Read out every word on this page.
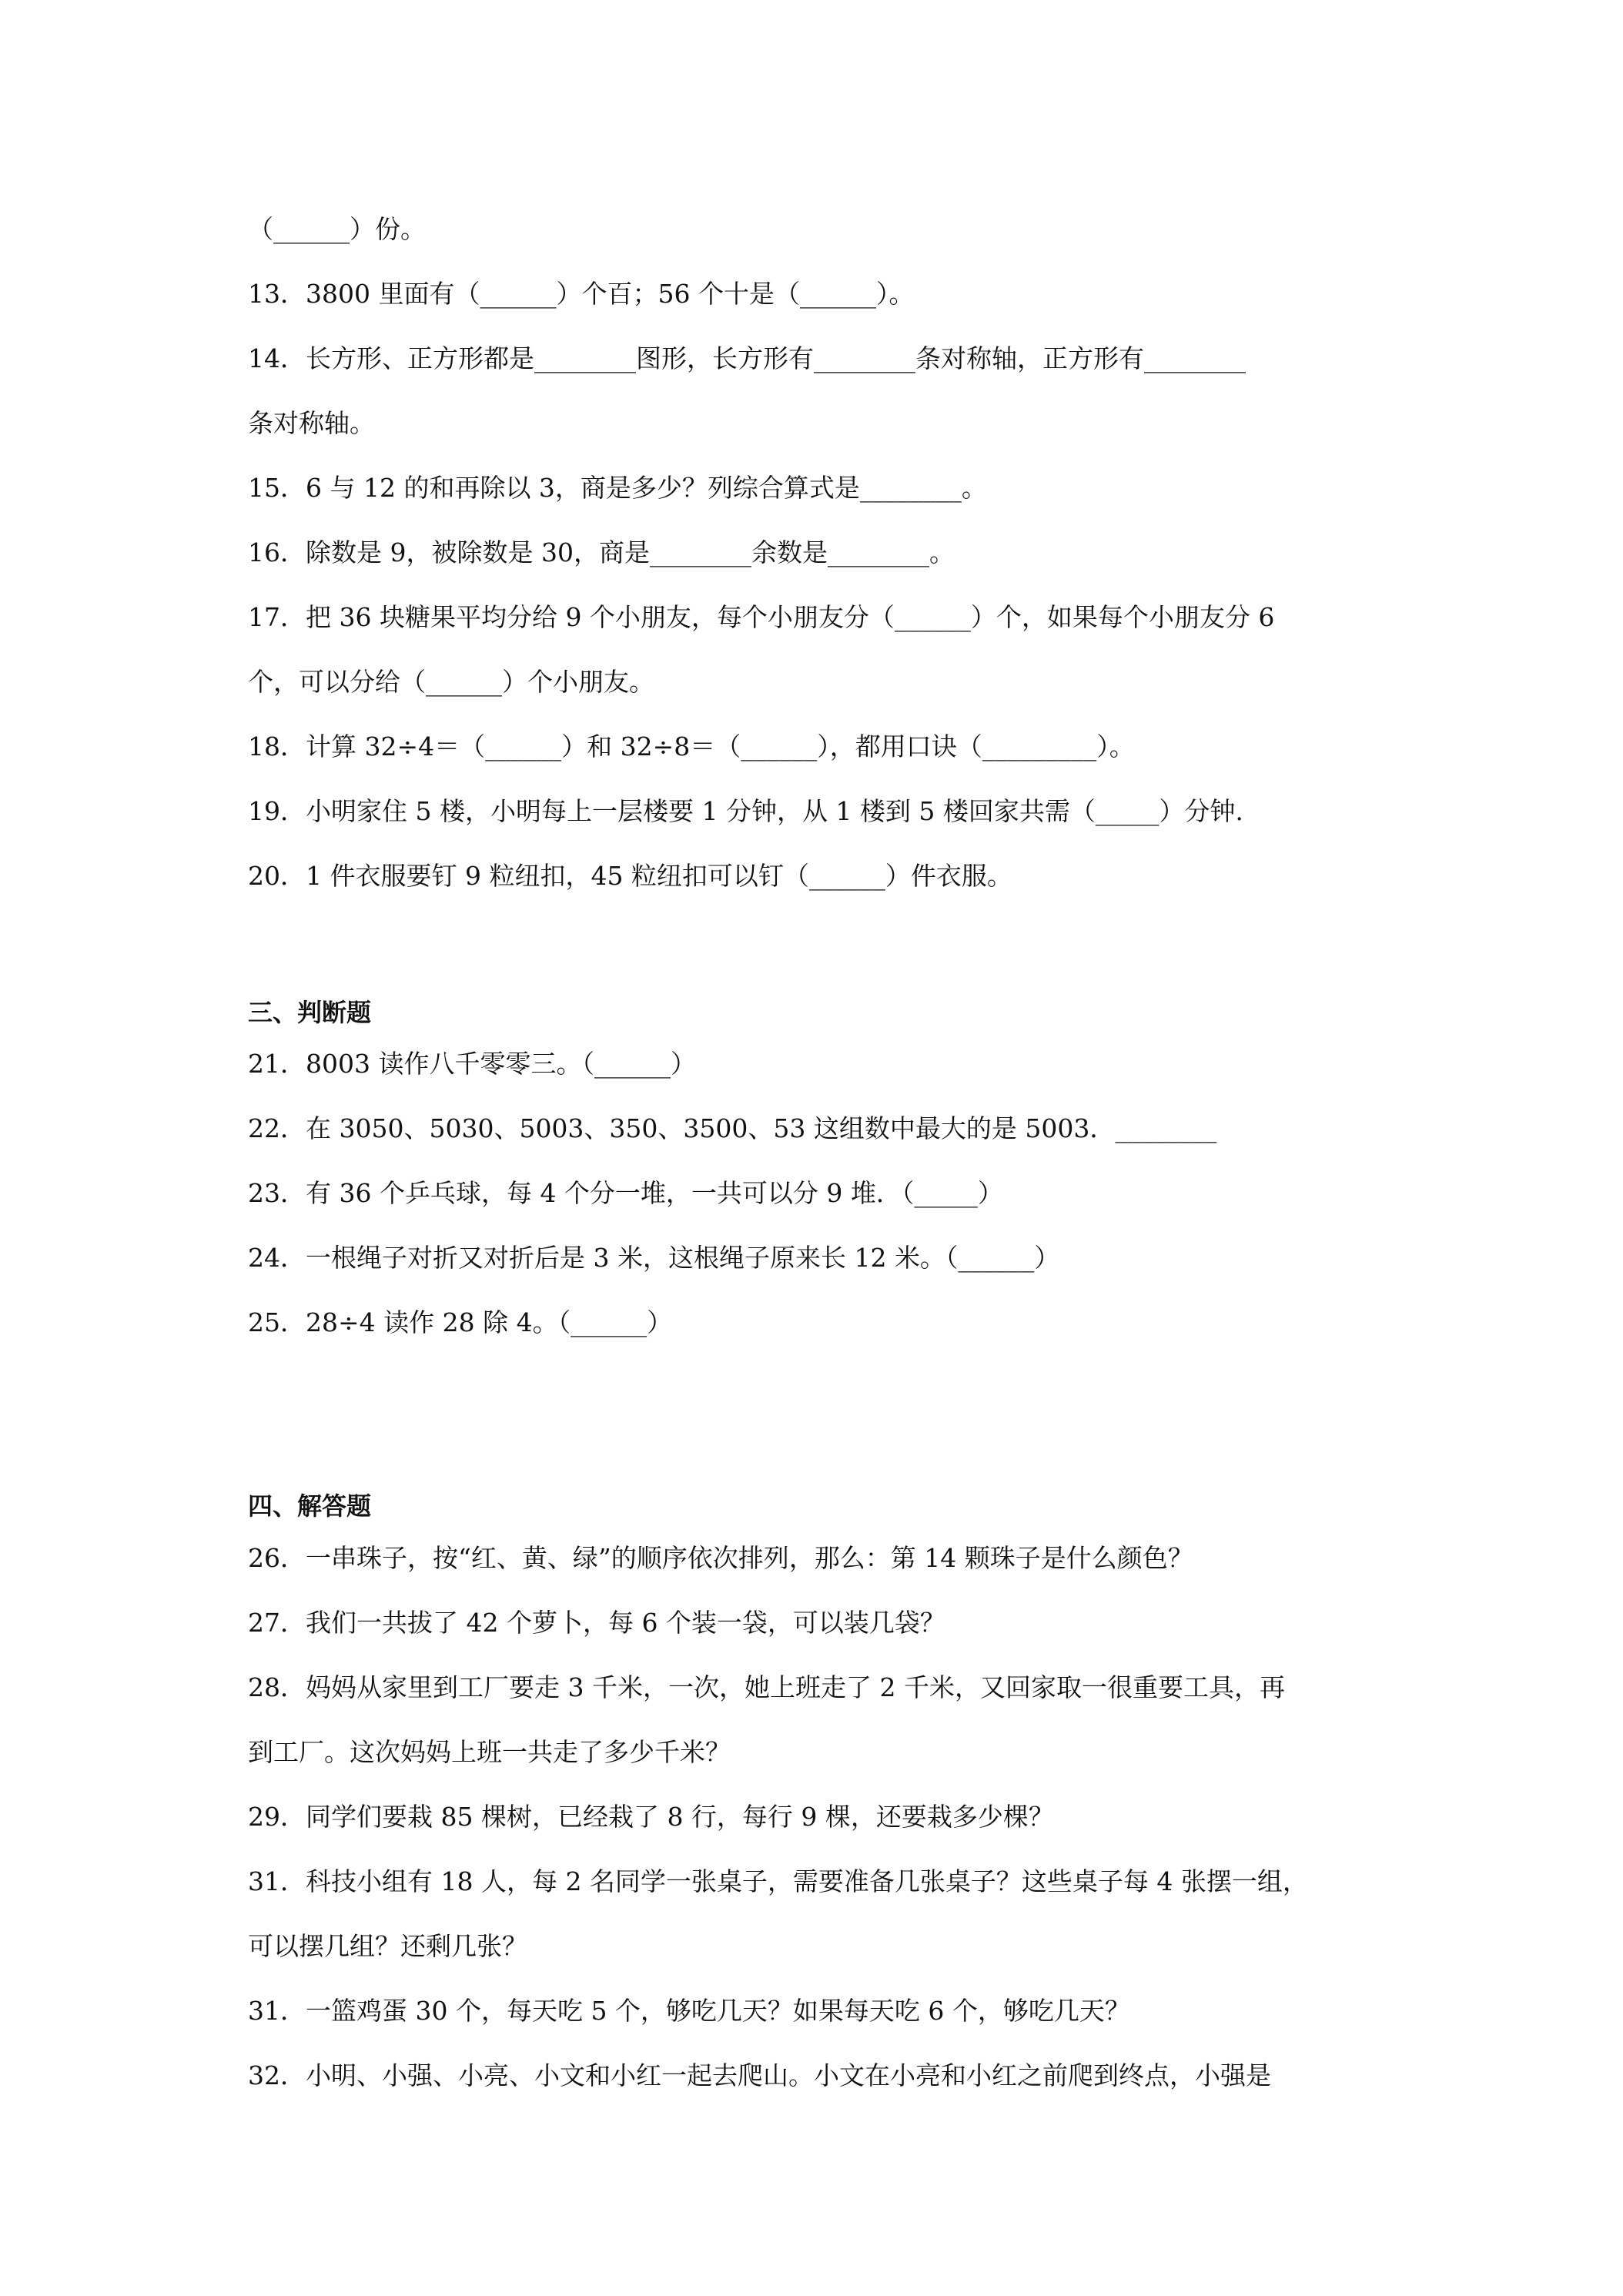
（______）份。
13．3800 里面有（______）个百；56 个十是（______）。
14．长方形、正方形都是________图形，长方形有________条对称轴，正方形有________
条对称轴。
15．6 与 12 的和再除以 3，商是多少？列综合算式是________。
16．除数是 9，被除数是 30，商是________余数是________。
17．把 36 块糖果平均分给 9 个小朋友，每个小朋友分（______）个，如果每个小朋友分 6
个，可以分给（______）个小朋友。
18．计算 32÷4＝（______）和 32÷8＝（______），都用口诀（_________）。
19．小明家住 5 楼，小明每上一层楼要 1 分钟，从 1 楼到 5 楼回家共需（_____）分钟.
20．1 件衣服要钉 9 粒纽扣，45 粒纽扣可以钉（______）件衣服。
三、判断题
21．8003 读作八千零零三。（______）
22．在 3050、5030、5003、350、3500、53 这组数中最大的是 5003．________
23．有 36 个乒乓球，每 4 个分一堆，一共可以分 9 堆．（_____）
24．一根绳子对折又对折后是 3 米，这根绳子原来长 12 米。（______）
25．28÷4 读作 28 除 4。（______）
四、解答题
26．一串珠子，按“红、黄、绿”的顺序依次排列，那么：第 14 颗珠子是什么颜色？
27．我们一共拔了 42 个萝卜，每 6 个装一袋，可以装几袋？
28．妈妈从家里到工厂要走 3 千米，一次，她上班走了 2 千米，又回家取一很重要工具，再
到工厂。这次妈妈上班一共走了多少千米？
29．同学们要栽 85 棵树，已经栽了 8 行，每行 9 棵，还要栽多少棵？
31．科技小组有 18 人，每 2 名同学一张桌子，需要准备几张桌子？这些桌子每 4 张摆一组，
可以摆几组？还剩几张？
31．一篮鸡蛋 30 个，每天吃 5 个，够吃几天？如果每天吃 6 个，够吃几天？
32．小明、小强、小亮、小文和小红一起去爬山。小文在小亮和小红之前爬到终点，小强是
